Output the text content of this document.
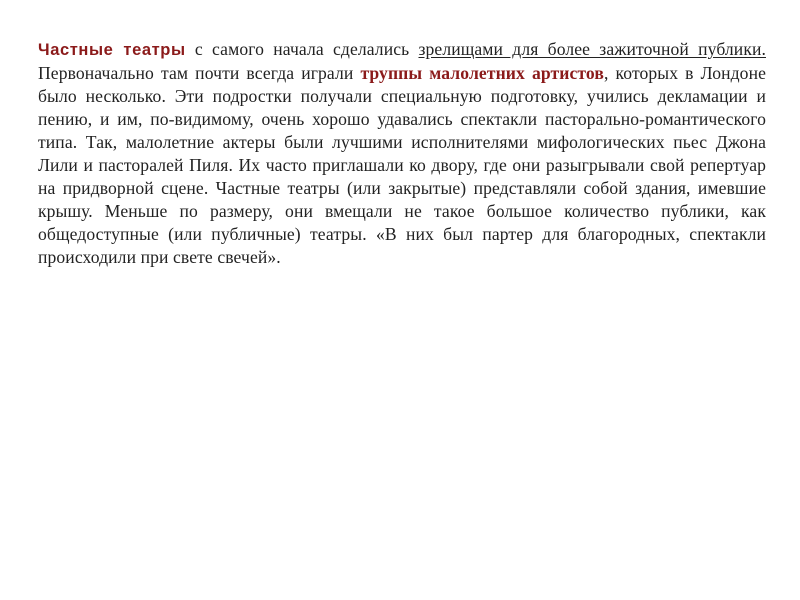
Частные театры с самого начала сделались зрелищами для более зажиточной публики. Первоначально там почти всегда играли труппы малолетних артистов, которых в Лондоне было несколько. Эти подростки получали специальную подготовку, учились декламации и пению, и им, по-видимому, очень хорошо удавались спектакли пасторально-романтического типа. Так, малолетние актеры были лучшими исполнителями мифологических пьес Джона Лили и пасторалей Пиля. Их часто приглашали ко двору, где они разыгрывали свой репертуар на придворной сцене. Частные театры (или закрытые) представляли собой здания, имевшие крышу. Меньше по размеру, они вмещали не такое большое количество публики, как общедоступные (или публичные) театры. «В них был партер для благородных, спектакли происходили при свете свечей».
